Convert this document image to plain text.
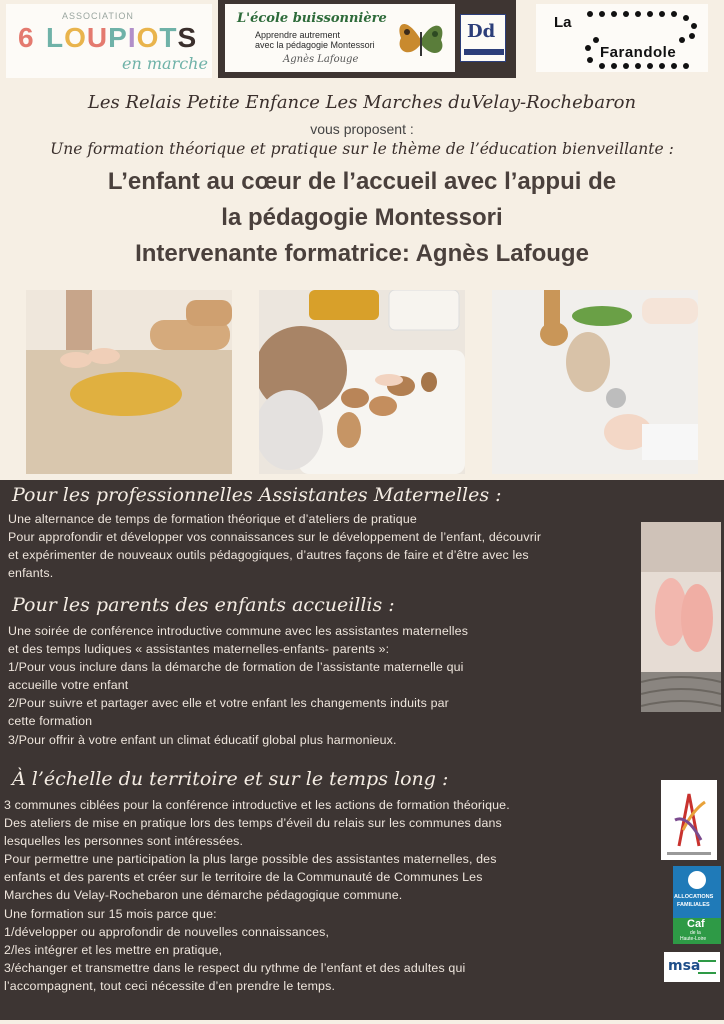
ASSOCIATION
6 LOUPIOTS
en marche
L'école buissonnière
Apprendre autrement
avec la pédagogie Montessori
Agnès Lafouge
Dd	La
Farandole
Les Relais Petite Enfance Les Marches duVelay-Rochebaron
vous proposent :
Une formation théorique et pratique sur le thème de l’éducation bienveillante :
L’enfant au cœur de l’accueil avec l’appui de
la pédagogie Montessori
Intervenante formatrice: Agnès Lafouge
Pour les professionnelles Assistantes Maternelles :

Une alternance de temps de formation théorique et d’ateliers de pratique

Pour approfondir et développer vos connaissances sur le développement de l’enfant, découvrir

et expérimenter de nouveaux outils pédagogiques, d’autres façons de faire et d’être avec les

enfants.

Pour les parents des enfants accueillis :

Une soirée de conférence introductive commune avec les assistantes maternelles

et des temps ludiques « assistantes maternelles-enfants- parents »:

1/Pour vous inclure dans la démarche de formation de l’assistante maternelle qui

accueille votre enfant

2/Pour suivre et partager avec elle et votre enfant les changements induits par

cette formation

3/Pour offrir à votre enfant un climat éducatif global plus harmonieux.

À l’échelle du territoire et sur le temps long :

3 communes ciblées pour la conférence introductive et les actions de formation théorique.

Des ateliers de mise en pratique lors des temps d’éveil du relais sur les communes dans

lesquelles les personnes sont intéressées.

Pour permettre une participation la plus large possible des assistantes maternelles, des

enfants et des parents et créer sur le territoire de la Communauté de Communes Les

Marches du Velay-Rochebaron une démarche pédagogique commune.

Une formation sur 15 mois parce que:

1/développer ou approfondir de nouvelles connaissances,

2/les intégrer et les mettre en pratique,

3/échanger et transmettre dans le respect du rythme de l’enfant et des adultes qui

l’accompagnent, tout ceci nécessite d’en prendre le temps.

ALLOCATIONS
FAMILIALES
Caf
de la
Haute-Loire
msa
